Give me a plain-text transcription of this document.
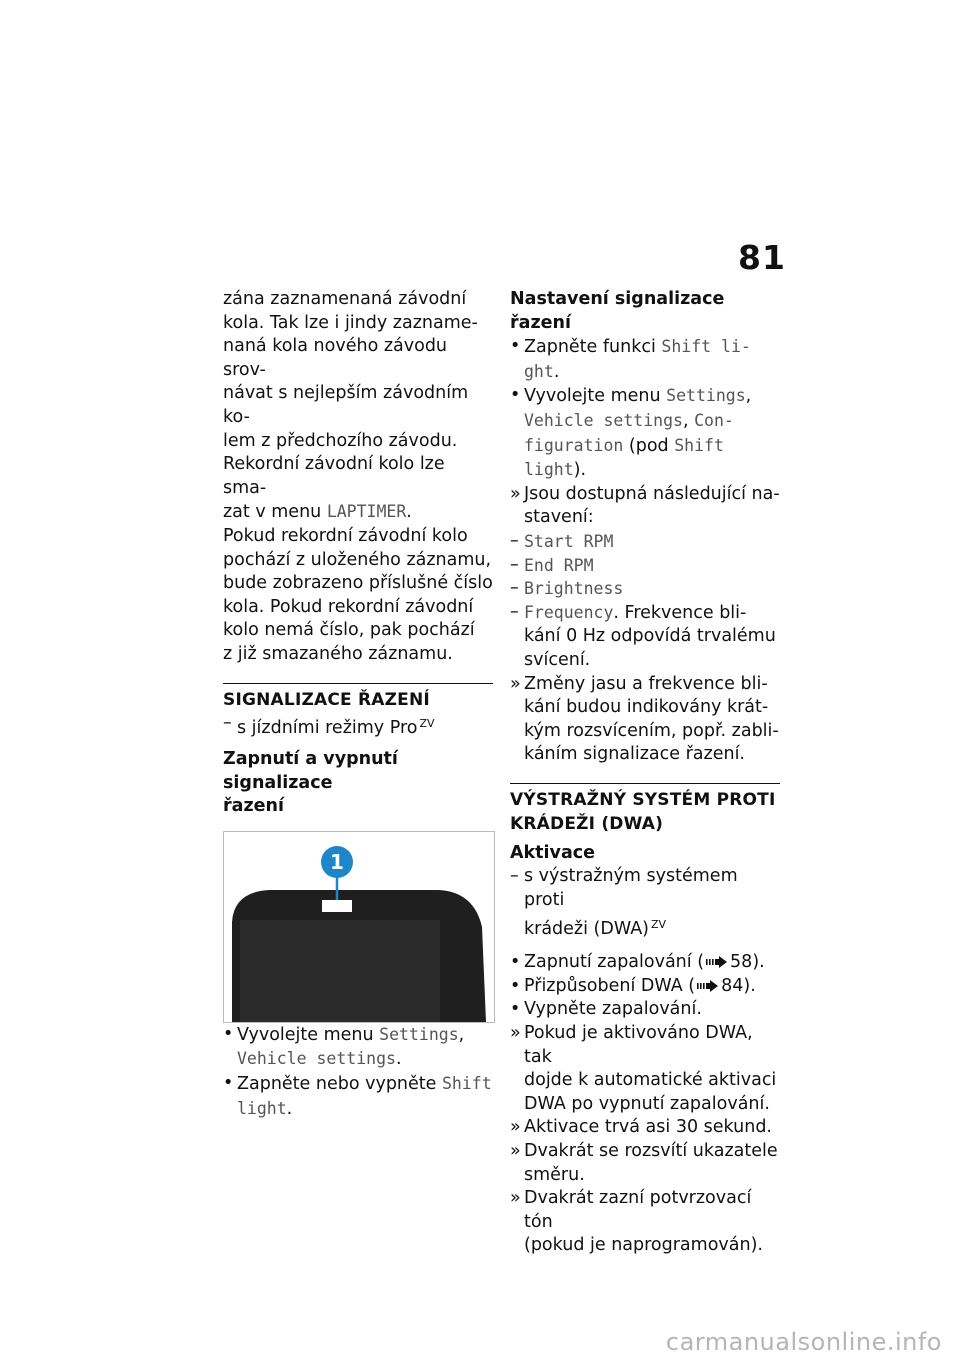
81

zána zaznamenaná závodní

kola. Tak lze i jindy zazname-

naná kola nového závodu srov-

návat s nejlepším závodním ko-

lem z předchozího závodu.

Rekordní závodní kolo lze sma-

zat v menu LAPTIMER.

Pokud rekordní závodní kolo

pochází z uloženého záznamu,

bude zobrazeno příslušné číslo

kola. Pokud rekordní závodní

kolo nemá číslo, pak pochází

z již smazaného záznamu.

SIGNALIZACE ŘAZENÍ

– s jízdními režimy Pro $^{ZV}$

Zapnutí a vypnutí signalizace

řazení

1
• Vyvolejte menu Settings,
Vehicle settings.
• Zapněte nebo vypněte Shift
light.

Nastavení signalizace řazení

• Zapněte funkci Shift li-
ght.
• Vyvolejte menu Settings,
Vehicle settings, Con-
figuration (pod Shift
light).
» Jsou dostupná následující na-
stavení:
– Start RPM
– End RPM
– Brightness
– Frequency. Frekvence bli-
kání 0 Hz odpovídá trvalému
svícení.
» Změny jasu a frekvence bli-
kání budou indikovány krát-
kým rozsvícením, popř. zabli-
káním signalizace řazení.

VÝSTRAŽNÝ SYSTÉM PROTI

KRÁDEŽI (DWA)

Aktivace

– s výstražným systémem proti
krádeži (DWA) $^{ZV}$
• Zapnutí zapalování ( 58).
• Přizpůsobení DWA ( 84).
• Vypněte zapalování.
» Pokud je aktivováno DWA, tak
dojde k automatické aktivaci
DWA po vypnutí zapalování.
» Aktivace trvá asi 30 sekund.
» Dvakrát se rozsvítí ukazatele
směru.
» Dvakrát zazní potvrzovací tón
(pokud je naprogramován).
carmanualsonline.info
